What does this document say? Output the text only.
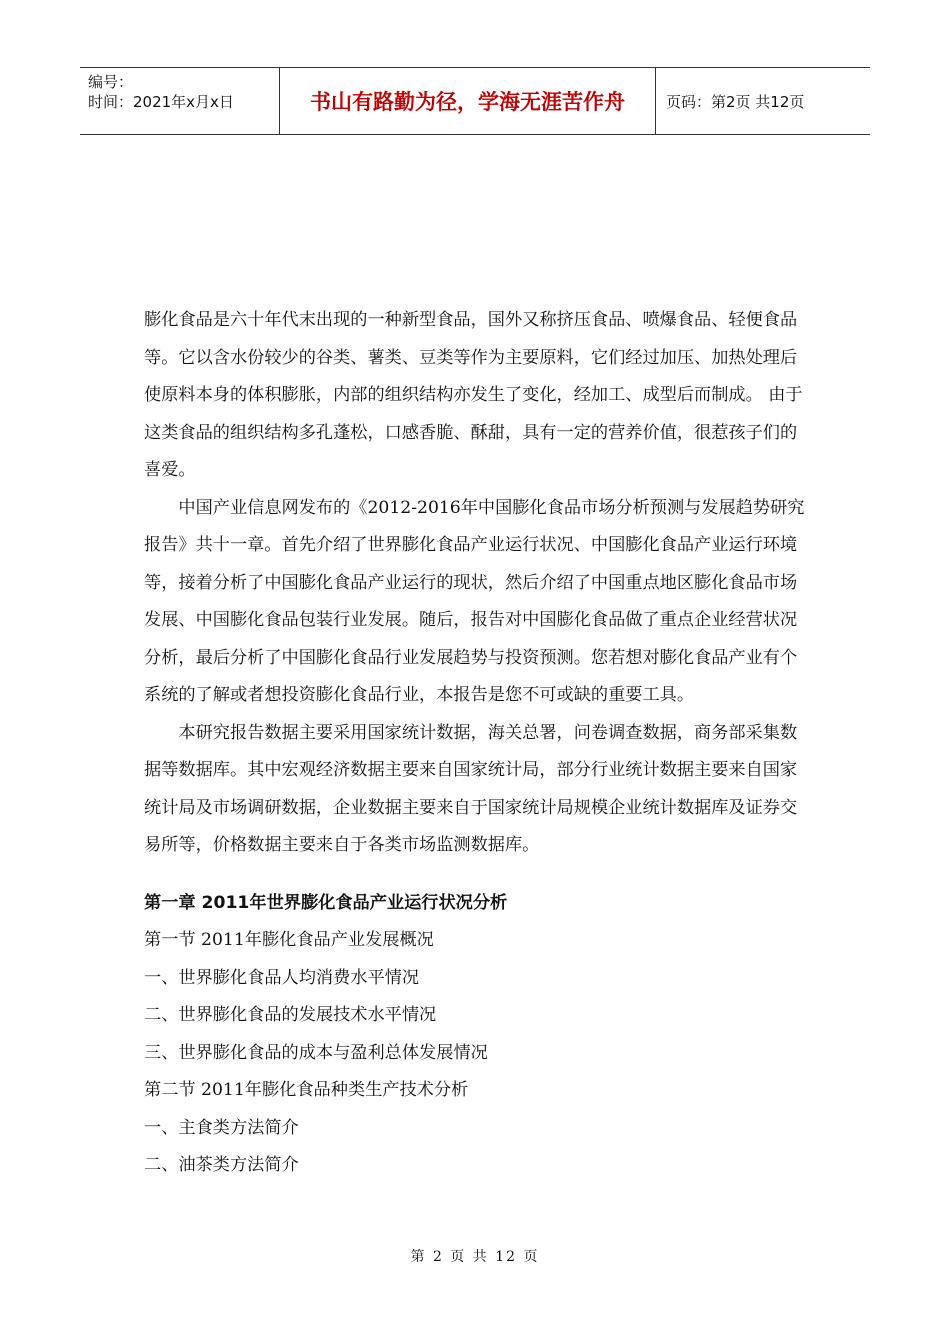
编号：
时间：2021年x月x日	书山有路勤为径，学海无涯苦作舟	页码：第2页 共12页

膨化食品是六十年代末出现的一种新型食品，国外又称挤压食品、喷爆食品、轻便食品等。它以含水份较少的谷类、薯类、豆类等作为主要原料，它们经过加压、加热处理后使原料本身的体积膨胀，内部的组织结构亦发生了变化，经加工、成型后而制成。 由于这类食品的组织结构多孔蓬松，口感香脆、酥甜，具有一定的营养价值，很惹孩子们的喜爱。

中国产业信息网发布的《2012-2016年中国膨化食品市场分析预测与发展趋势研究报告》共十一章。首先介绍了世界膨化食品产业运行状况、中国膨化食品产业运行环境等，接着分析了中国膨化食品产业运行的现状，然后介绍了中国重点地区膨化食品市场发展、中国膨化食品包装行业发展。随后，报告对中国膨化食品做了重点企业经营状况分析，最后分析了中国膨化食品行业发展趋势与投资预测。您若想对膨化食品产业有个系统的了解或者想投资膨化食品行业，本报告是您不可或缺的重要工具。

本研究报告数据主要采用国家统计数据，海关总署，问卷调查数据，商务部采集数据等数据库。其中宏观经济数据主要来自国家统计局，部分行业统计数据主要来自国家统计局及市场调研数据，企业数据主要来自于国家统计局规模企业统计数据库及证券交易所等，价格数据主要来自于各类市场监测数据库。

第一章 2011年世界膨化食品产业运行状况分析
第一节 2011年膨化食品产业发展概况
一、世界膨化食品人均消费水平情况
二、世界膨化食品的发展技术水平情况
三、世界膨化食品的成本与盈利总体发展情况
第二节 2011年膨化食品种类生产技术分析
一、主食类方法简介
二、油茶类方法简介
第 2 页 共 12 页
